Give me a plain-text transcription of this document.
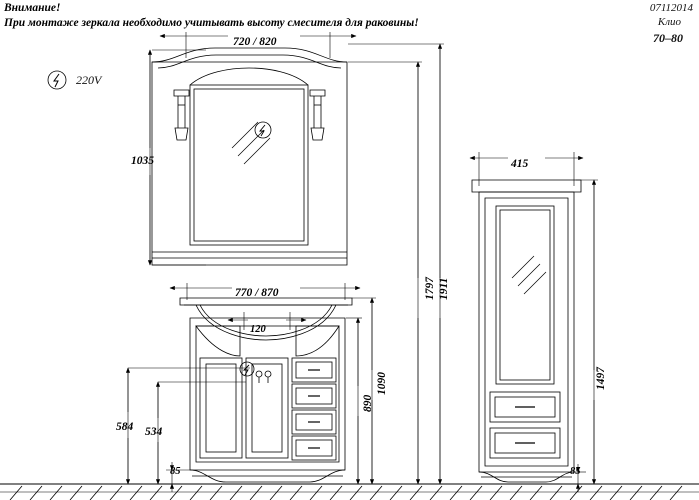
Внимание!
При монтаже зеркала необходимо учитывать высоту смесителя для раковины!
07112014
Клио
70–80
220V
720 / 820
1035
770 / 870
120
415
1911
1797
1090
890
1497
584 534
85	85
